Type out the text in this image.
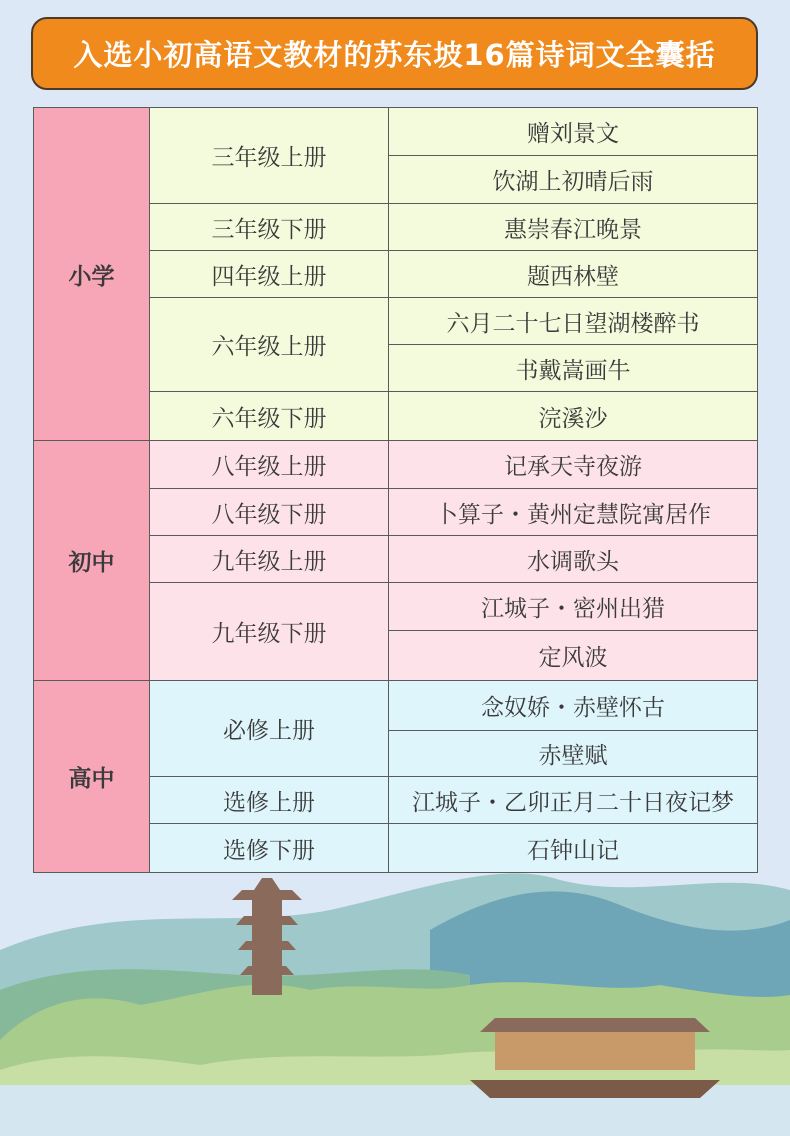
入选小初高语文教材的苏东坡16篇诗词文全囊括
小学	三年级上册	赠刘景文
		饮湖上初晴后雨
	三年级下册	惠崇春江晚景
	四年级上册	题西林壁
	六年级上册	六月二十七日望湖楼醉书
		书戴嵩画牛
	六年级下册	浣溪沙
初中	八年级上册	记承天寺夜游
	八年级下册	卜算子・黄州定慧院寓居作
	九年级上册	水调歌头
	九年级下册	江城子・密州出猎
		定风波
高中	必修上册	念奴娇・赤壁怀古
		赤壁赋
	选修上册	江城子・乙卯正月二十日夜记梦
	选修下册	石钟山记
